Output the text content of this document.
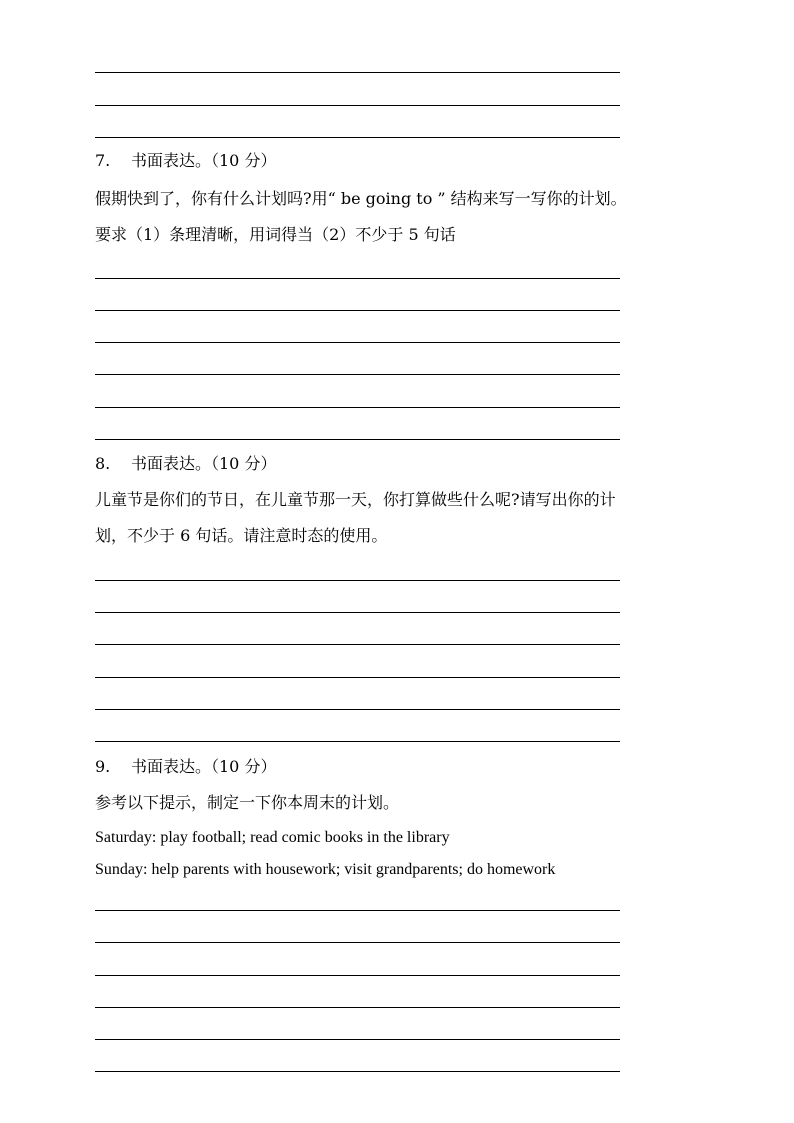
7. 书面表达。（10 分）
假期快到了，你有什么计划吗?用“ be going to ” 结构来写一写你的计划。
要求（1）条理清晰，用词得当（2）不少于 5 句话
8. 书面表达。（10 分）
儿童节是你们的节日，在儿童节那一天，你打算做些什么呢?请写出你的计
划，不少于 6 句话。请注意时态的使用。
9. 书面表达。（10 分）
参考以下提示，制定一下你本周末的计划。
Saturday: play football; read comic books in the library
Sunday: help parents with housework; visit grandparents; do homework
